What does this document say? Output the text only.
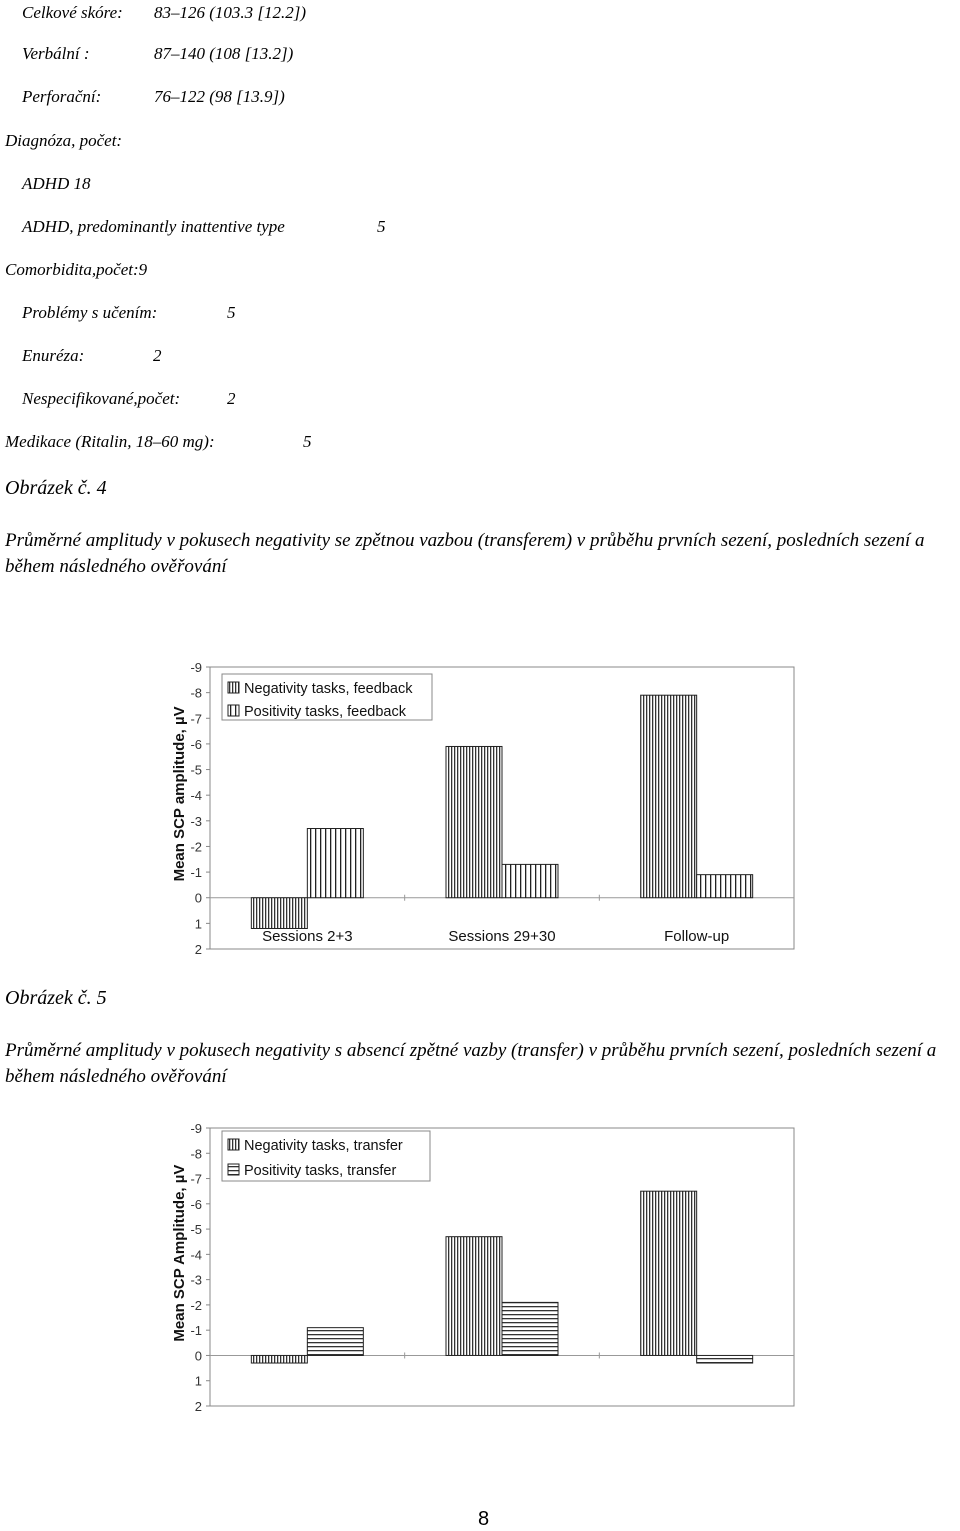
Celkové skóre: 83–126 (103.3 [12.2])
Verbální :	87–140 (108 [13.2])
Perforační:	76–122 (98 [13.9])
Diagnóza, počet:
ADHD 18
ADHD, predominantly inattentive type	5
Comorbidita,počet:9
Problémy s učením:	5
Enuréza:	2
Nespecifikované,počet:	2
Medikace (Ritalin, 18–60 mg):	5
Obrázek č. 4
Průměrné amplitudy v pokusech negativity se zpětnou vazbou (transferem) v průběhu prvních sezení, posledních sezení a během následného ověřování
-9
-8
-7
-6
-5
-4
-3
-2
-1
0
1
2
Mean SCP amplitude, µV
Sessions 2+3	Sessions 29+30	Follow-up
Negativity tasks, feedback
Positivity tasks, feedback
Obrázek č. 5
Průměrné amplitudy v pokusech negativity s absencí zpětné vazby (transfer) v průběhu prvních sezení, posledních sezení a během následného ověřování
-9
-8
-7
-6
-5
-4
-3
-2
-1
0
1
2
Mean SCP Amplitude, µV
Negativity tasks, transfer
Positivity tasks, transfer
8
